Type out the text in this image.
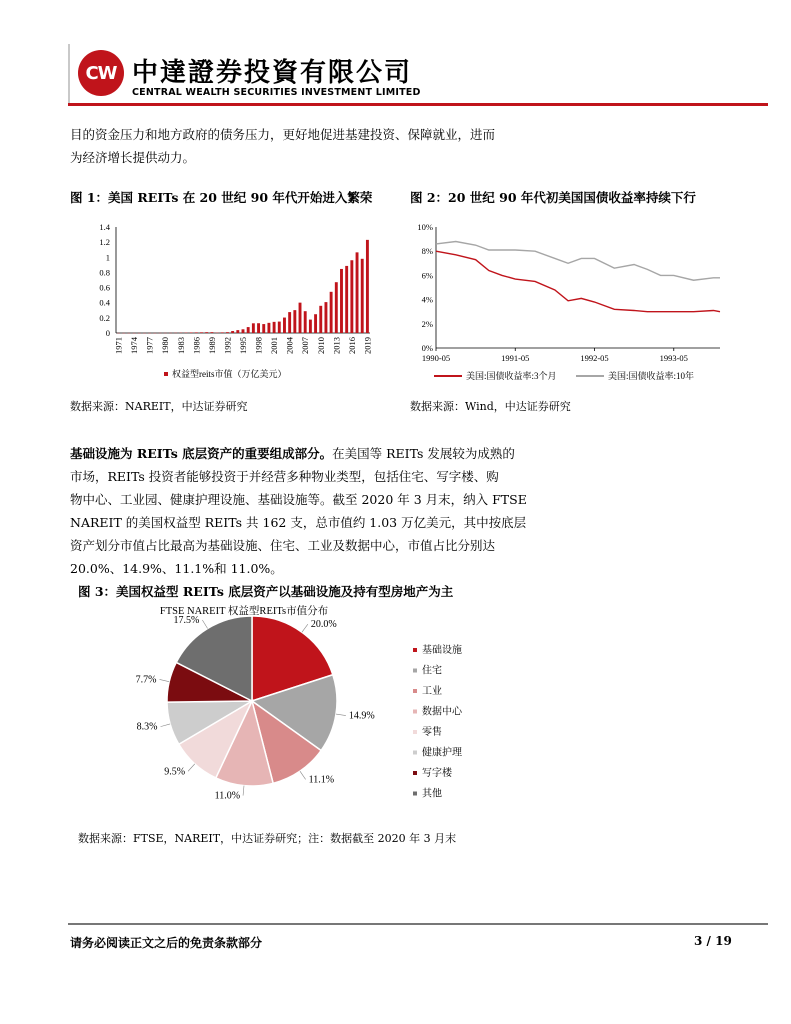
CW 中達證券投資有限公司
CENTRAL WEALTH SECURITIES INVESTMENT LIMITED
目的资金压力和地方政府的债务压力，更好地促进基建投资、保障就业，进而
为经济增长提供动力。
图 1：美国 REITs 在 20 世纪 90 年代开始进入繁荣
0
0.2
0.4
0.6
0.8
1
1.2
1.4
1971 1974 1977 1980 1983 1986 1989 1992 1995 1998 2001 2004 2007 2010 2013 2016 2019
权益型reits市值（万亿美元）
数据来源：NAREIT，中达证券研究
图 2：20 世纪 90 年代初美国国债收益率持续下行
0%
2%
4%
6%
8%
10%
1990-05	1991-05	1992-05	1993-05
美国:国债收益率:3个月	美国:国债收益率:10年
数据来源：Wind，中达证券研究
基础设施为 REITs 底层资产的重要组成部分。在美国等 REITs 发展较为成熟的
市场，REITs 投资者能够投资于并经营多种物业类型，包括住宅、写字楼、购
物中心、工业园、健康护理设施、基础设施等。截至 2020 年 3 月末，纳入 FTSE
NAREIT 的美国权益型 REITs 共 162 支，总市值约 1.03 万亿美元，其中按底层
资产划分市值占比最高为基础设施、住宅、工业及数据中心，市值占比分别达
20.0%、14.9%、11.1%和 11.0%。
图 3：美国权益型 REITs 底层资产以基础设施及持有型房地产为主
FTSE NAREIT 权益型REITs市值分布
20.0%
14.9%
11.1%
11.0%
9.5%
8.3%
7.7%
17.5%
基础设施
住宅
工业
数据中心
零售
健康护理
写字楼
其他
数据来源：FTSE，NAREIT，中达证券研究；注：数据截至 2020 年 3 月末
请务必阅读正文之后的免责条款部分	3 / 19
